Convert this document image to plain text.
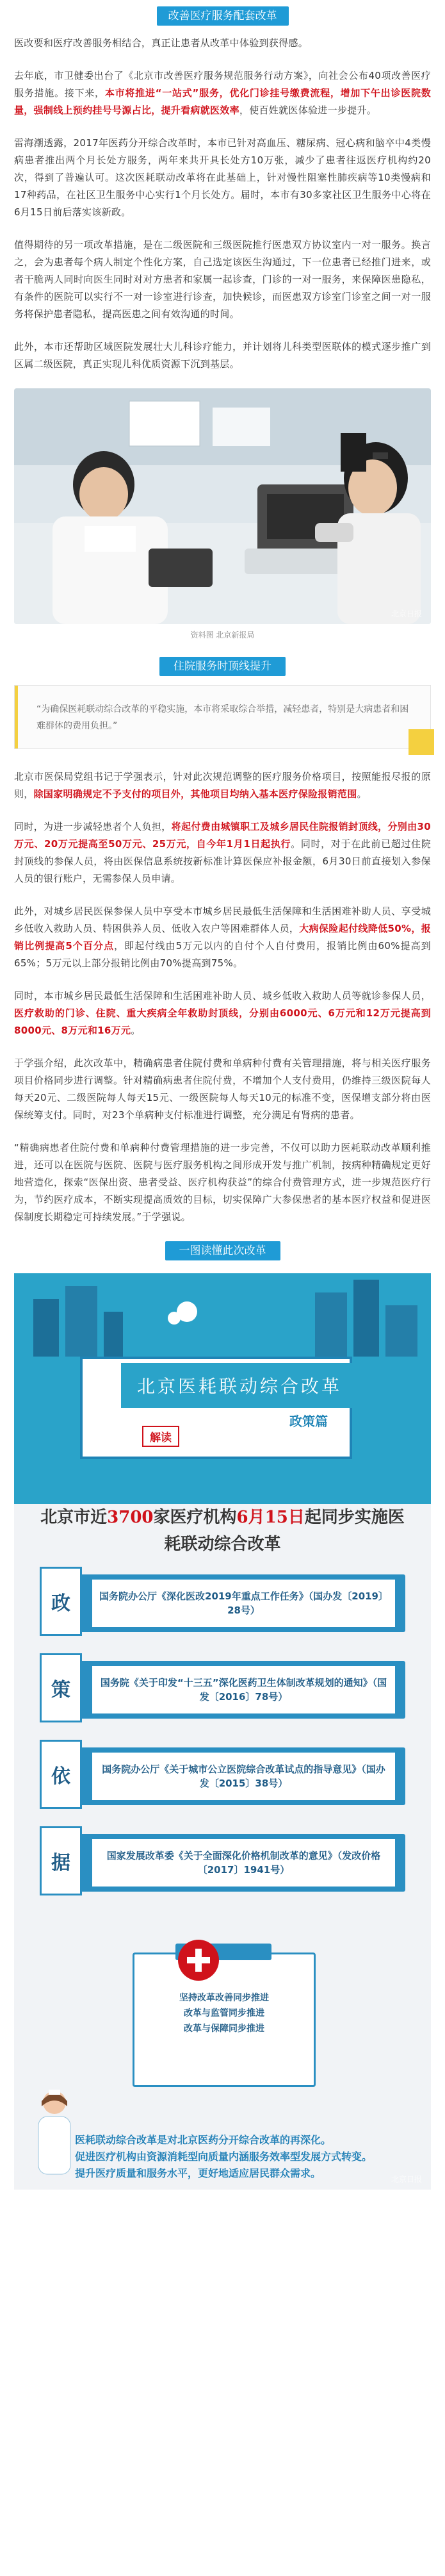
改善医疗服务配套改革

医改要和医疗改善服务相结合，真正让患者从改革中体验到获得感。

去年底，市卫健委出台了《北京市改善医疗服务规范服务行动方案》，向社会公布40项改善医疗服务措施。接下来，本市将推进“一站式”服务，优化门诊挂号缴费流程，增加下午出诊医院数量，强制线上预约挂号号源占比，提升看病就医效率，使百姓就医体验进一步提升。

雷海潮透露，2017年医药分开综合改革时，本市已针对高血压、糖尿病、冠心病和脑卒中4类慢病患者推出两个月长处方服务，两年来共开具长处方10万张，减少了患者往返医疗机构约20次，得到了普遍认可。这次医耗联动改革将在此基础上，针对慢性阻塞性肺疾病等10类慢病和17种药品，在社区卫生服务中心实行1个月长处方。届时，本市有30多家社区卫生服务中心将在6月15日前后落实该新政。

值得期待的另一项改革措施，是在二级医院和三级医院推行医患双方协议室内一对一服务。换言之，会为患者每个病人制定个性化方案，自己选定该医生沟通过，下一位患者已经推门进来，或者干脆两人同时向医生同时对对方患者和家属一起诊查，门诊的一对一服务，来保障医患隐私，有条件的医院可以实行不一对一诊室进行诊查，加快候诊，而医患双方诊室门诊室之间一对一服务将保护患者隐私，提高医患之间有效沟通的时间。

此外，本市还帮助区域医院发展壮大儿科诊疗能力，并计划将儿科类型医联体的模式逐步推广到区属二级医院，真正实现儿科优质资源下沉到基层。

北京日报
资料图 北京新报局
住院服务时顶线提升
“为确保医耗联动综合改革的平稳实施，本市将采取综合举措，减轻患者，特别是大病患者和困难群体的费用负担。”

北京市医保局党组书记于学强表示，针对此次规范调整的医疗服务价格项目，按照能报尽报的原则，除国家明确规定不予支付的项目外，其他项目均纳入基本医疗保险报销范围。

同时，为进一步减轻患者个人负担，将起付费由城镇职工及城乡居民住院报销封顶线，分别由30万元、20万元提高至50万元、25万元，自今年1月1日起执行。同时，对于在此前已超过住院封顶线的参保人员，将由医保信息系统按新标准计算医保应补报金额，6月30日前直接划入参保人员的银行账户，无需参保人员申请。

此外，对城乡居民医保参保人员中享受本市城乡居民最低生活保障和生活困难补助人员、享受城乡低收入救助人员、特困供养人员、低收入农户等困难群体人员，大病保险起付线降低50%，报销比例提高5个百分点，即起付线由5万元以内的自付个人自付费用，报销比例由60%提高到65%；5万元以上部分报销比例由70%提高到75%。

同时，本市城乡居民最低生活保障和生活困难补助人员、城乡低收入救助人员等就诊参保人员，医疗救助的门诊、住院、重大疾病全年救助封顶线，分别由6000元、6万元和12万元提高到8000元、8万元和16万元。

于学强介绍，此次改革中，精确病患者住院付费和单病种付费有关管理措施，将与相关医疗服务项目价格同步进行调整。针对精确病患者住院付费，不增加个人支付费用，仍维持三级医院每人每天20元、二级医院每人每天15元、一级医院每人每天10元的标准不变，医保增支部分将由医保统筹支付。同时，对23个单病种支付标准进行调整，充分满足有肾病的患者。

“精确病患者住院付费和单病种付费管理措施的进一步完善，不仅可以助力医耗联动改革顺利推进，还可以在医院与医院、医院与医疗服务机构之间形成开发与推广机制，按病种精确规定更好地营造化，探索“医保出资、患者受益、医疗机构获益”的综合付费管理方式，进一步规范医疗行为，节约医疗成本，不断实现提高质效的目标，切实保障广大参保患者的基本医疗权益和促进医保制度长期稳定可持续发展。”于学强说。

一图读懂此次改革
北京医耗联动综合改革
政策篇
解读
北京市近3700家医疗机构6月15日起同步实施医耗联动综合改革
政	国务院办公厅《深化医改2019年重点工作任务》（国办发〔2019〕28号）
策	国务院《关于印发“十三五”深化医药卫生体制改革规划的通知》（国发〔2016〕78号）
依	国务院办公厅《关于城市公立医院综合改革试点的指导意见》（国办发〔2015〕38号）
据	国家发展改革委《关于全面深化价格机制改革的意见》（发改价格〔2017〕1941号）
坚持改革改善同步推进
改革与监管同步推进
改革与保障同步推进
医耗联动综合改革是对北京医药分开综合改革的再深化。
促进医疗机构由资源消耗型向质量内涵服务效率型发展方式转变。
提升医疗质量和服务水平，更好地适应居民群众需求。	北京日报
